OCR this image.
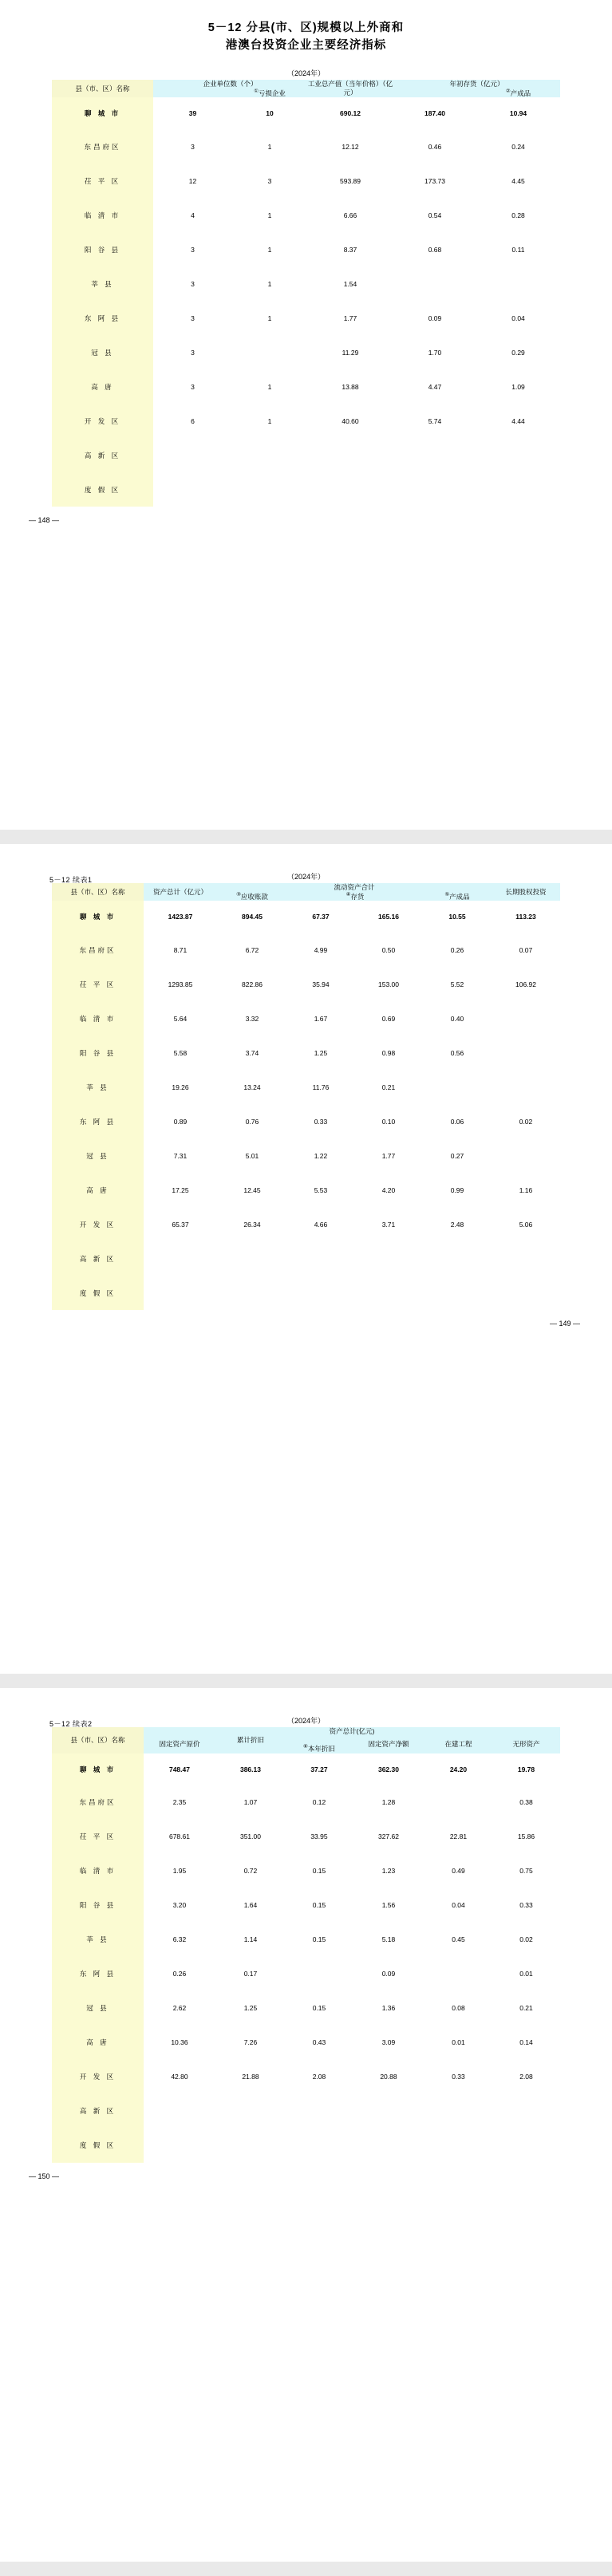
5－12 分县(市、区)规模以上外商和
港澳台投资企业主要经济指标
（2024年）
县（市、区）名称	企业单位数（个）		工业总产值（当年价格）（亿元）	年初存货（亿元）	
		①亏损企业			②产成品
聊 城 市	39	10	690.12	187.40	10.94
东昌府区	3	1	12.12	0.46	0.24
茌 平 区	12	3	593.89	173.73	4.45
临 清 市	4	1	6.66	0.54	0.28
阳 谷 县	3	1	8.37	0.68	0.11
莘 县	3	1	1.54		
东 阿 县	3	1	1.77	0.09	0.04
冠 县	3		11.29	1.70	0.29
高 唐	3	1	13.88	4.47	1.09
开 发 区	6	1	40.60	5.74	4.44
高 新 区					
度 假 区					
— 148 —
5－12 续表1	（2024年）
县（市、区）名称	资产总计（亿元）	流动资产合计				长期股权投资
		③应收账款	④存货		⑤产成品	
聊 城 市	1423.87	894.45	67.37	165.16	10.55	113.23
东昌府区	8.71	6.72	4.99	0.50	0.26	0.07
茌 平 区	1293.85	822.86	35.94	153.00	5.52	106.92
临 清 市	5.64	3.32	1.67	0.69	0.40	
阳 谷 县	5.58	3.74	1.25	0.98	0.56	
莘 县	19.26	13.24	11.76	0.21		
东 阿 县	0.89	0.76	0.33	0.10	0.06	0.02
冠 县	7.31	5.01	1.22	1.77	0.27	
高 唐	17.25	12.45	5.53	4.20	0.99	1.16
开 发 区	65.37	26.34	4.66	3.71	2.48	5.06
高 新 区						
度 假 区						
— 149 —
5－12 续表2	（2024年）
县（市、区）名称	资产总计(亿元)					
	固定资产原价	累计折旧		固定资产净额	在建工程	无形资产
			⑥本年折旧			
聊 城 市	748.47	386.13	37.27	362.30	24.20	19.78
东昌府区	2.35	1.07	0.12	1.28		0.38
茌 平 区	678.61	351.00	33.95	327.62	22.81	15.86
临 清 市	1.95	0.72	0.15	1.23	0.49	0.75
阳 谷 县	3.20	1.64	0.15	1.56	0.04	0.33
莘 县	6.32	1.14	0.15	5.18	0.45	0.02
东 阿 县	0.26	0.17		0.09		0.01
冠 县	2.62	1.25	0.15	1.36	0.08	0.21
高 唐	10.36	7.26	0.43	3.09	0.01	0.14
开 发 区	42.80	21.88	2.08	20.88	0.33	2.08
高 新 区						
度 假 区						
— 150 —
